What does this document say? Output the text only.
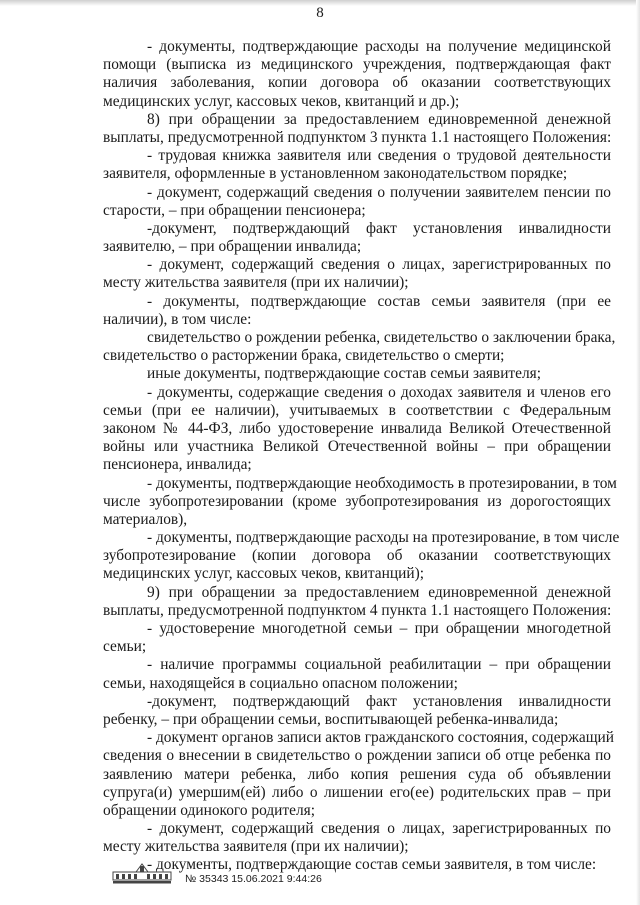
8
- документы, подтверждающие расходы на получение медицинской
помощи (выписка из медицинского учреждения, подтверждающая факт
наличия заболевания, копии договора об оказании соответствующих
медицинских услуг, кассовых чеков, квитанций и др.);
8) при обращении за предоставлением единовременной денежной
выплаты, предусмотренной подпунктом 3 пункта 1.1 настоящего Положения:
- трудовая книжка заявителя или сведения о трудовой деятельности
заявителя, оформленные в установленном законодательством порядке;
- документ, содержащий сведения о получении заявителем пенсии по
старости, – при обращении пенсионера;
-документ, подтверждающий факт установления инвалидности
заявителю, – при обращении инвалида;
- документ, содержащий сведения о лицах, зарегистрированных по
месту жительства заявителя (при их наличии);
- документы, подтверждающие состав семьи заявителя (при ее
наличии), в том числе:
свидетельство о рождении ребенка, свидетельство о заключении брака,
свидетельство о расторжении брака, свидетельство о смерти;
иные документы, подтверждающие состав семьи заявителя;
- документы, содержащие сведения о доходах заявителя и членов его
семьи (при ее наличии), учитываемых в соответствии с Федеральным
законом № 44-ФЗ, либо удостоверение инвалида Великой Отечественной
войны или участника Великой Отечественной войны – при обращении
пенсионера, инвалида;
- документы, подтверждающие необходимость в протезировании, в том
числе зубопротезировании (кроме зубопротезирования из дорогостоящих
материалов),
- документы, подтверждающие расходы на протезирование, в том числе
зубопротезирование (копии договора об оказании соответствующих
медицинских услуг, кассовых чеков, квитанций);
9) при обращении за предоставлением единовременной денежной
выплаты, предусмотренной подпунктом 4 пункта 1.1 настоящего Положения:
- удостоверение многодетной семьи – при обращении многодетной
семьи;
- наличие программы социальной реабилитации – при обращении
семьи, находящейся в социально опасном положении;
-документ, подтверждающий факт установления инвалидности
ребенку, – при обращении семьи, воспитывающей ребенка-инвалида;
- документ органов записи актов гражданского состояния, содержащий
сведения о внесении в свидетельство о рождении записи об отце ребенка по
заявлению матери ребенка, либо копия решения суда об объявлении
супруга(и) умершим(ей) либо о лишении его(ее) родительских прав – при
обращении одинокого родителя;
- документ, содержащий сведения о лицах, зарегистрированных по
месту жительства заявителя (при их наличии);
- документы, подтверждающие состав семьи заявителя, в том числе:
№ 35343 15.06.2021 9:44:26
